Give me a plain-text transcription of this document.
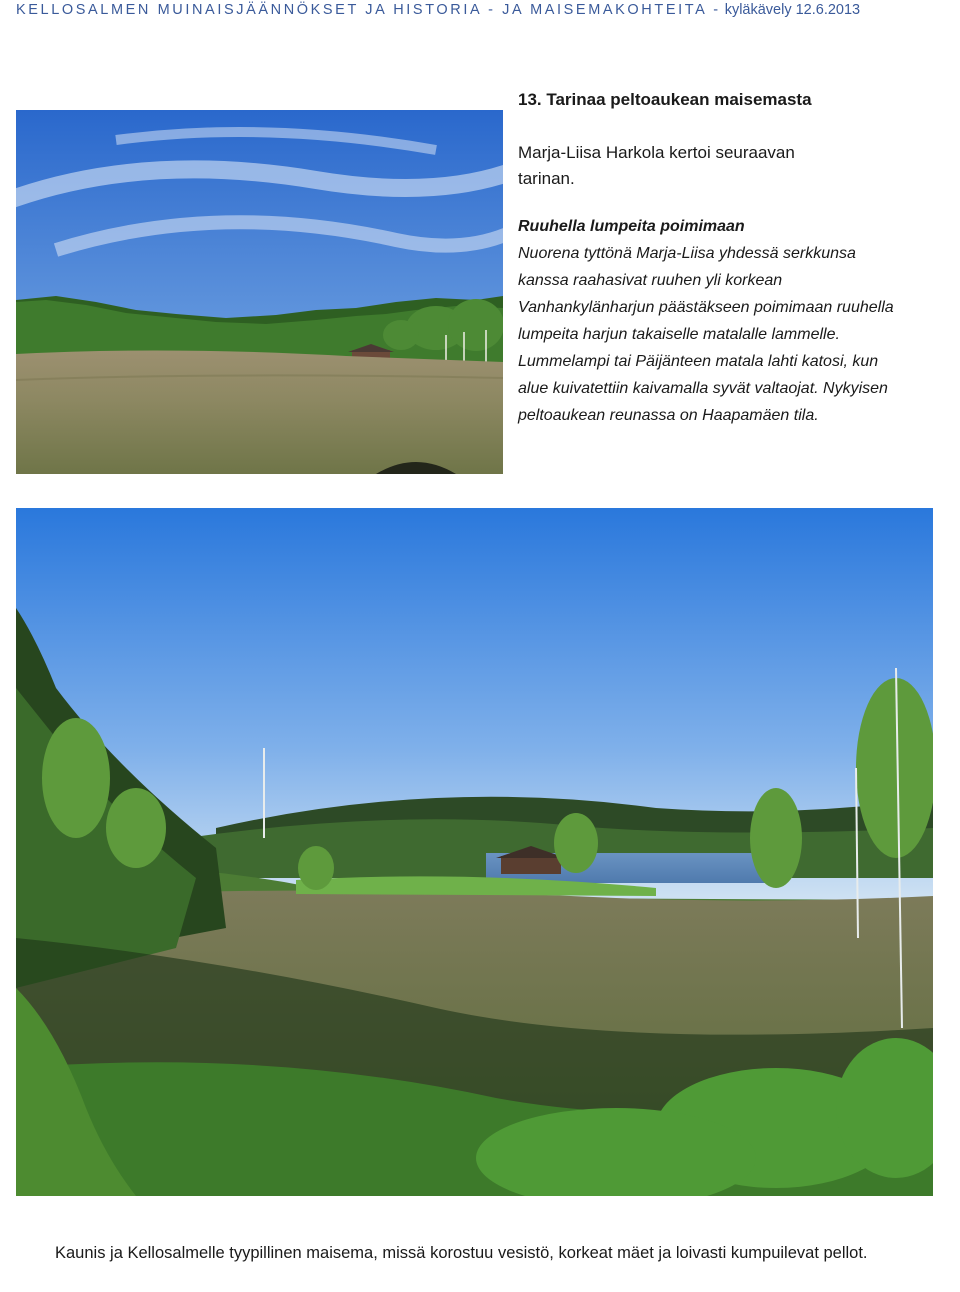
KELLOSALMEN MUINAISJÄÄNNÖKSET JA HISTORIA - JA MAISEMAKOHTEITA - kyläkävely 12.6.2013
13. Tarinaa peltoaukean maisemasta
Marja-Liisa Harkola kertoi seuraavan tarinan.
Ruuhella lumpeita poimimaan
Nuorena tyttönä Marja-Liisa yhdessä serkkunsa kanssa raahasivat ruuhen yli korkean Vanhankylänharjun päästäkseen poimimaan ruuhella lumpeita harjun takaiselle matalalle lammelle. Lummelampi tai Päijänteen matala lahti katosi, kun alue kuivatettiin kaivamalla syvät valtaojat. Nykyisen peltoaukean reunassa on Haapamäen tila.
Kaunis ja Kellosalmelle tyypillinen maisema, missä korostuu vesistö, korkeat mäet ja loivasti kumpuilevat pellot.
